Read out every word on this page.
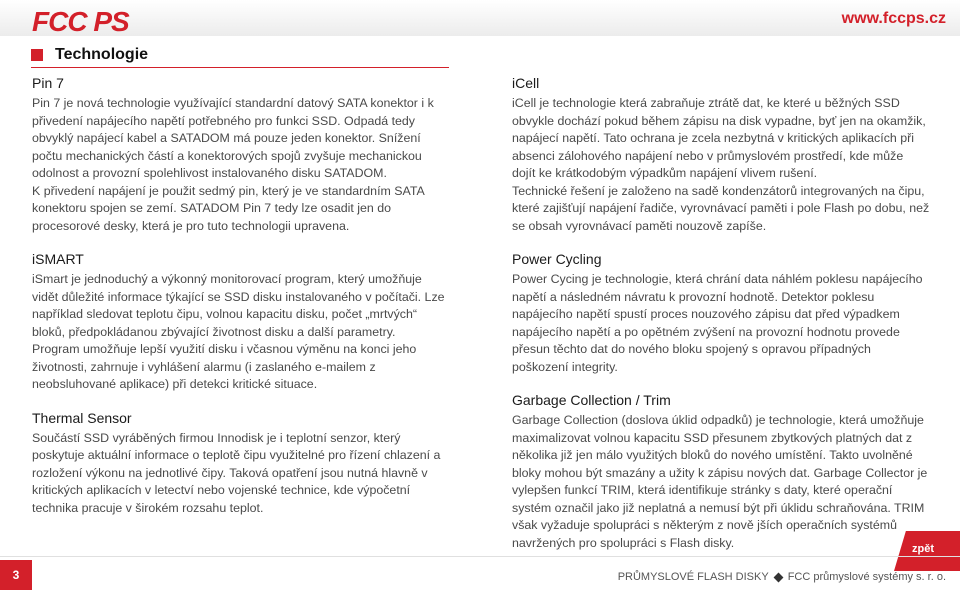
FCC PS	www.fccps.cz
Technologie
Pin 7

Pin 7 je nová technologie využívající standardní datový SATA konektor i k přivedení napájecího napětí potřebného pro funkci SSD. Odpadá tedy obvyklý napájecí kabel a SATADOM má pouze jeden konektor. Snížení počtu mechanických částí a konektorových spojů zvyšuje mechanickou odolnost a provozní spolehlivost instalovaného disku SATADOM.

K přivedení napájení je použit sedmý pin, který je ve standardním SATA konektoru spojen se zemí. SATADOM Pin 7 tedy lze osadit jen do procesorové desky, která je pro tuto technologii upravena.

iSMART

iSmart je jednoduchý a výkonný monitorovací program, který umožňuje vidět důležité informace týkající se SSD disku instalovaného v počítači. Lze například sledovat teplotu čipu, volnou kapacitu disku, počet „mrtvých“ bloků, předpokládanou zbývající životnost disku a další parametry.

Program umožňuje lepší využití disku i včasnou výměnu na konci jeho životnosti, zahrnuje i vyhlášení alarmu (i zaslaného e-mailem z neobsluhované aplikace) při detekci kritické situace.

Thermal Sensor

Součástí SSD vyráběných firmou Innodisk je i teplotní senzor, který poskytuje aktuální informace o teplotě čipu využitelné pro řízení chlazení a rozložení výkonu na jednotlivé čipy. Taková opatření jsou nutná hlavně v kritických aplikacích v letectví nebo vojenské technice, kde výpočetní technika pracuje v širokém rozsahu teplot.

iCell

iCell je technologie která zabraňuje ztrátě dat, ke které u běžných SSD obvykle dochází pokud během zápisu na disk vypadne, byť jen na okamžik, napájecí napětí. Tato ochrana je zcela nezbytná v kritických aplikacích při absenci zálohového napájení nebo v průmyslovém prostředí, kde může dojít ke krátkodobým výpadkům napájení vlivem rušení.

Technické řešení je založeno na sadě kondenzátorů integrovaných na čipu, které zajišťují napájení řadiče, vyrovnávací paměti i pole Flash po dobu, než se obsah vyrovnávací paměti nouzově zapíše.

Power Cycling

Power Cycing je technologie, která chrání data náhlém poklesu napájecího napětí a následném návratu k provozní hodnotě. Detektor poklesu napájecího napětí spustí proces nouzového zápisu dat před výpadkem napájecího napětí a po opětném zvýšení na provozní hodnotu provede přesun těchto dat do nového bloku spojený s opravou případných poškození integrity.

Garbage Collection / Trim

Garbage Collection (doslova úklid odpadků) je technologie, která umožňuje maximalizovat volnou kapacitu SSD přesunem zbytkových platných dat z několika již jen málo využitých bloků do nového umístění. Takto uvolněné bloky mohou být smazány a užity k zápisu nových dat. Garbage Collector je vylepšen funkcí TRIM, která identifikuje stránky s daty, které operační systém označil jako již neplatná a nemusí být při úklidu schraňována. TRIM však vyžaduje spolupráci s některým z nově jších operačních systémů navržených pro spolupráci s Flash disky.	zpět
3	PRŮMYSLOVÉ FLASH DISKY FCC průmyslové systémy s. r. o.
